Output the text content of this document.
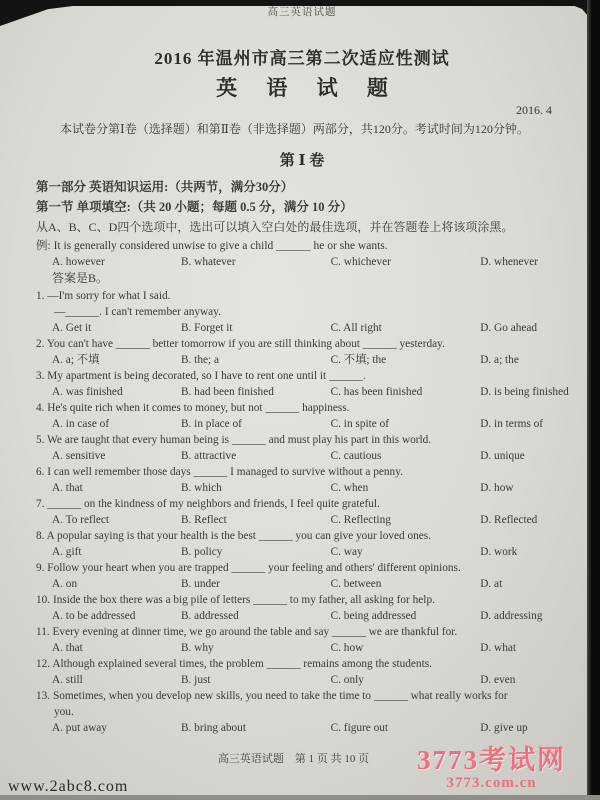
高三英语试题
2016 年温州市高三第二次适应性测试
英 语 试 题
2016. 4
本试卷分第Ⅰ卷（选择题）和第Ⅱ卷（非选择题）两部分，共120分。考试时间为120分钟。
第 Ⅰ 卷
第一部分 英语知识运用:（共两节，满分30分）
第一节 单项填空:（共 20 小题；每题 0.5 分，满分 10 分）
从A、B、C、D四个选项中，选出可以填入空白处的最佳选项，并在答题卷上将该项涂黑。
例: It is generally considered unwise to give a child ______ he or she wants.
A. however	B. whatever	C. whichever	D. whenever
答案是B。
1. —I'm sorry for what I said.
—______. I can't remember anyway.
A. Get it	B. Forget it	C. All right	D. Go ahead
2. You can't have ______ better tomorrow if you are still thinking about ______ yesterday.
A. a; 不填	B. the; a	C. 不填; the	D. a; the
3. My apartment is being decorated, so I have to rent one until it ______.
A. was finished	B. had been finished	C. has been finished	D. is being finished
4. He's quite rich when it comes to money, but not ______ happiness.
A. in case of	B. in place of	C. in spite of	D. in terms of
5. We are taught that every human being is ______ and must play his part in this world.
A. sensitive	B. attractive	C. cautious	D. unique
6. I can well remember those days ______ I managed to survive without a penny.
A. that	B. which	C. when	D. how
7. ______ on the kindness of my neighbors and friends, I feel quite grateful.
A. To reflect	B. Reflect	C. Reflecting	D. Reflected
8. A popular saying is that your health is the best ______ you can give your loved ones.
A. gift	B. policy	C. way	D. work
9. Follow your heart when you are trapped ______ your feeling and others' different opinions.
A. on	B. under	C. between	D. at
10. Inside the box there was a big pile of letters ______ to my father, all asking for help.
A. to be addressed	B. addressed	C. being addressed	D. addressing
11. Every evening at dinner time, we go around the table and say ______ we are thankful for.
A. that	B. why	C. how	D. what
12. Although explained several times, the problem ______ remains among the students.
A. still	B. just	C. only	D. even
13. Sometimes, when you develop new skills, you need to take the time to ______ what really works for
you.
A. put away	B. bring about	C. figure out	D. give up
高三英语试题　第 1 页 共 10 页
www.2abc8.com
3773考试网
3773.com.cn
